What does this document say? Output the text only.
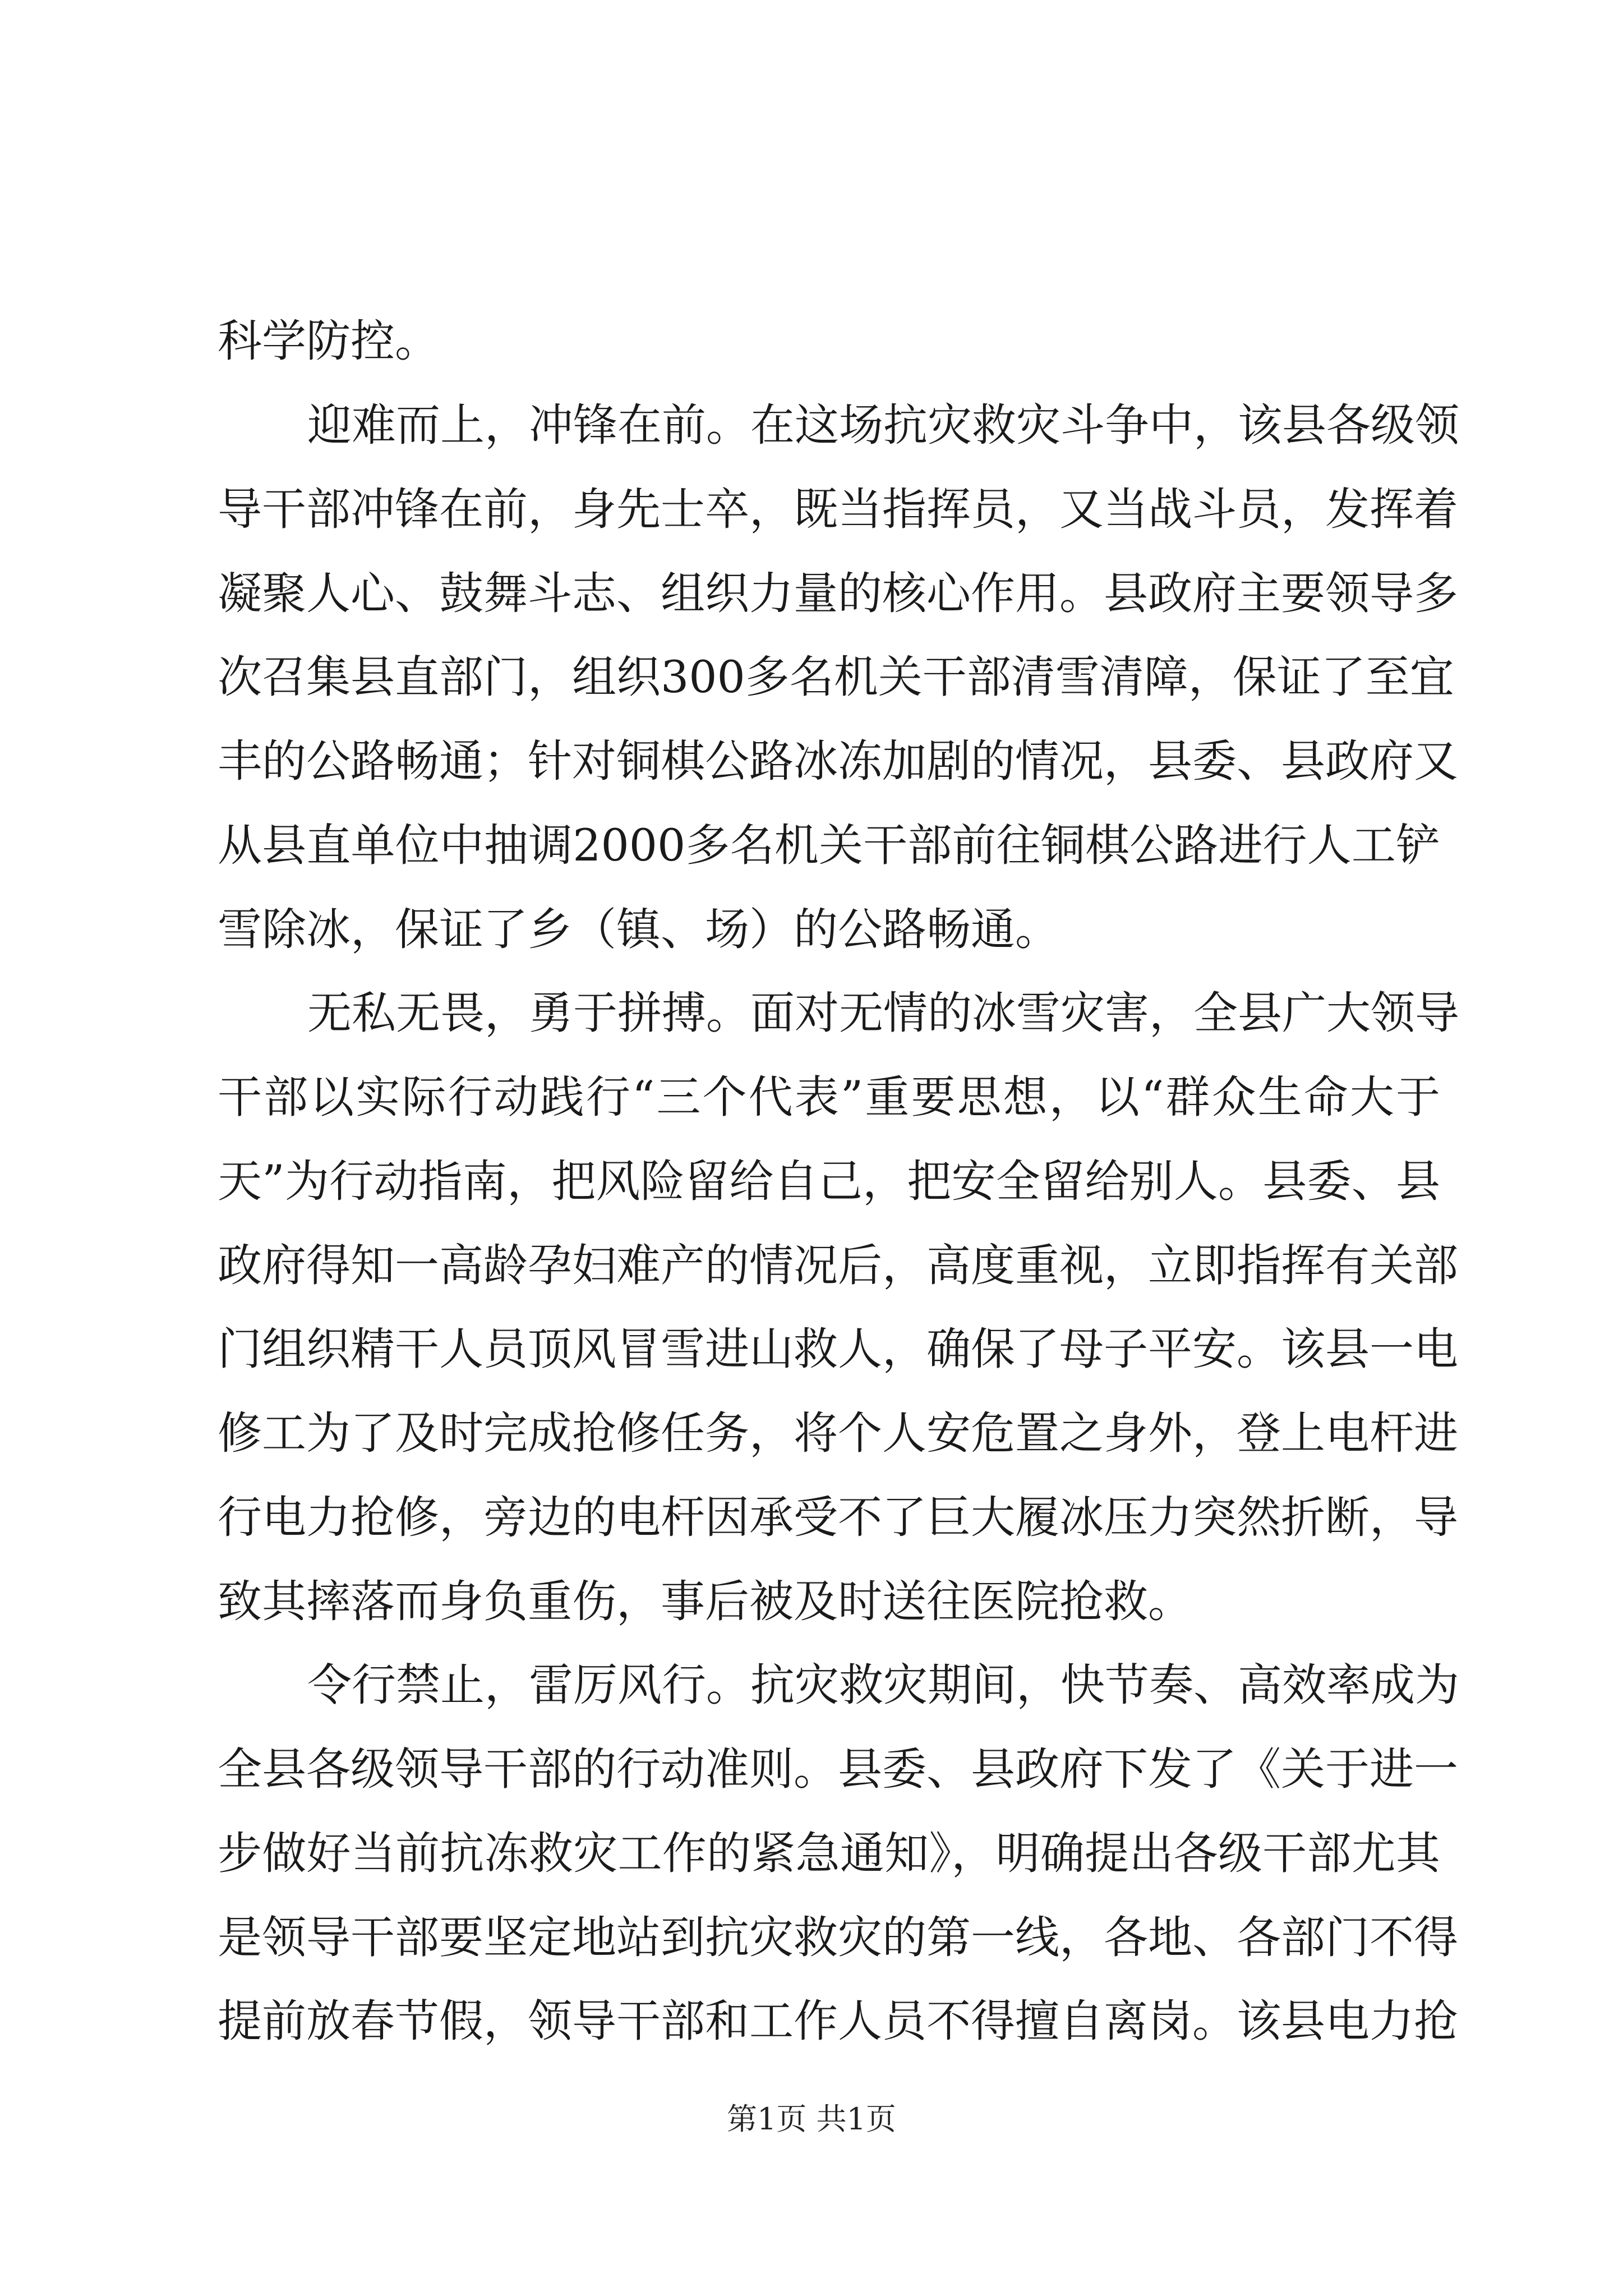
科学防控。
迎难而上，冲锋在前。在这场抗灾救灾斗争中，该县各级领
导干部冲锋在前，身先士卒，既当指挥员，又当战斗员，发挥着
凝聚人心、鼓舞斗志、组织力量的核心作用。县政府主要领导多
次召集县直部门，组织300多名机关干部清雪清障，保证了至宜
丰的公路畅通；针对铜棋公路冰冻加剧的情况，县委、县政府又
从县直单位中抽调2000多名机关干部前往铜棋公路进行人工铲
雪除冰，保证了乡（镇、场）的公路畅通。
无私无畏，勇于拼搏。面对无情的冰雪灾害，全县广大领导
干部以实际行动践行“三个代表”重要思想，以“群众生命大于
天”为行动指南，把风险留给自己，把安全留给别人。县委、县
政府得知一高龄孕妇难产的情况后，高度重视，立即指挥有关部
门组织精干人员顶风冒雪进山救人，确保了母子平安。该县一电
修工为了及时完成抢修任务，将个人安危置之身外，登上电杆进
行电力抢修，旁边的电杆因承受不了巨大履冰压力突然折断，导
致其摔落而身负重伤，事后被及时送往医院抢救。
令行禁止，雷厉风行。抗灾救灾期间，快节奏、高效率成为
全县各级领导干部的行动准则。县委、县政府下发了《关于进一
步做好当前抗冻救灾工作的紧急通知》，明确提出各级干部尤其
是领导干部要坚定地站到抗灾救灾的第一线，各地、各部门不得
提前放春节假，领导干部和工作人员不得擅自离岗。该县电力抢
第1页 共1页
